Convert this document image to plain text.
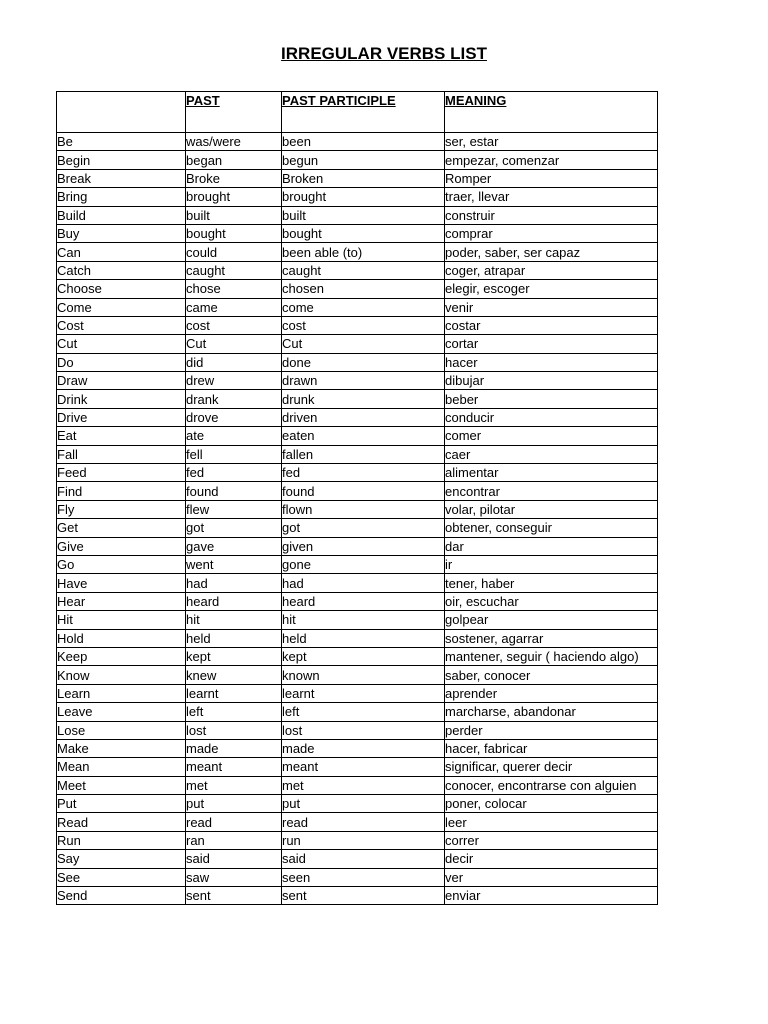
IRREGULAR VERBS LIST
	PAST	PAST PARTICIPLE	MEANING
Be	was/were	been	ser, estar
Begin	began	begun	empezar, comenzar
Break	Broke	Broken	Romper
Bring	brought	brought	traer, llevar
Build	built	built	construir
Buy	bought	bought	comprar
Can	could	been able (to)	poder, saber, ser capaz
Catch	caught	caught	coger, atrapar
Choose	chose	chosen	elegir, escoger
Come	came	come	venir
Cost	cost	cost	costar
Cut	Cut	Cut	cortar
Do	did	done	hacer
Draw	drew	drawn	dibujar
Drink	drank	drunk	beber
Drive	drove	driven	conducir
Eat	ate	eaten	comer
Fall	fell	fallen	caer
Feed	fed	fed	alimentar
Find	found	found	encontrar
Fly	flew	flown	volar, pilotar
Get	got	got	obtener, conseguir
Give	gave	given	dar
Go	went	gone	ir
Have	had	had	tener, haber
Hear	heard	heard	oir, escuchar
Hit	hit	hit	golpear
Hold	held	held	sostener, agarrar
Keep	kept	kept	mantener, seguir ( haciendo algo)
Know	knew	known	saber, conocer
Learn	learnt	learnt	aprender
Leave	left	left	marcharse, abandonar
Lose	lost	lost	perder
Make	made	made	hacer, fabricar
Mean	meant	meant	significar, querer decir
Meet	met	met	conocer, encontrarse con alguien
Put	put	put	poner, colocar
Read	read	read	leer
Run	ran	run	correr
Say	said	said	decir
See	saw	seen	ver
Send	sent	sent	enviar
